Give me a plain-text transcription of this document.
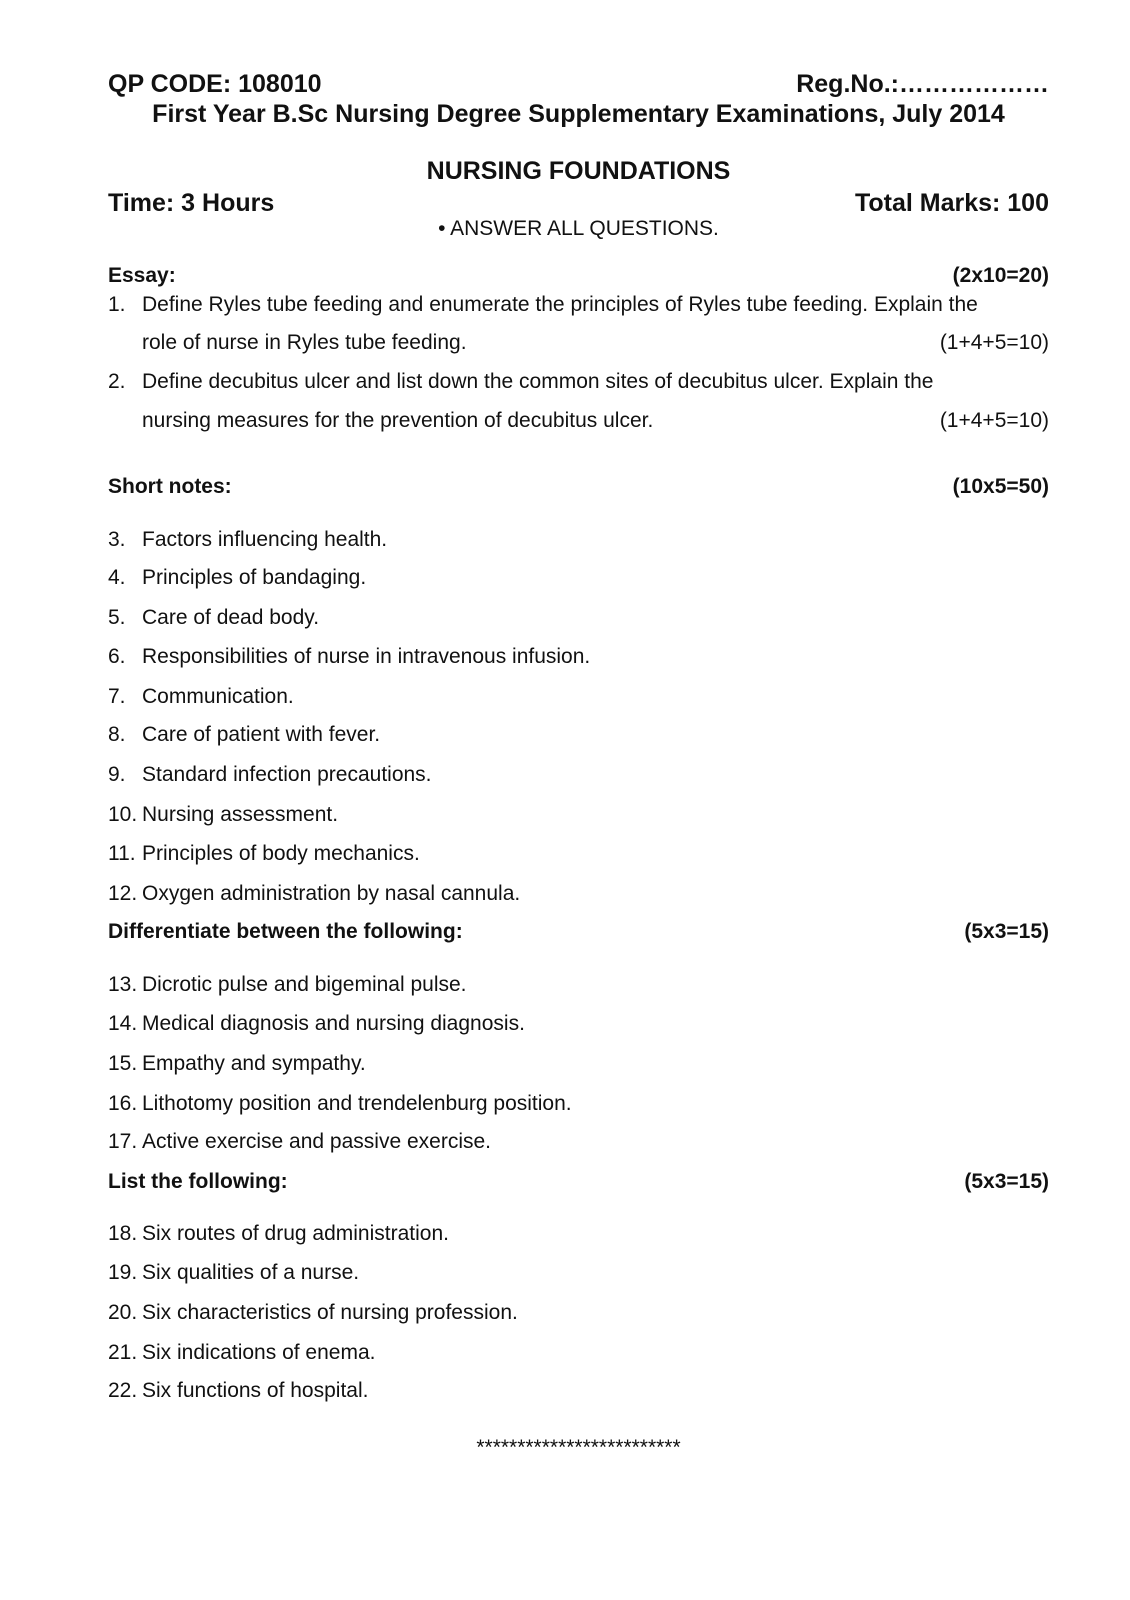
QP CODE: 108010	Reg.No.:………………
First Year B.Sc Nursing Degree Supplementary Examinations, July 2014
NURSING FOUNDATIONS
Time: 3 Hours	Total Marks: 100
• ANSWER ALL QUESTIONS.
Essay:	(2x10=20)
1. Define Ryles tube feeding and enumerate the principles of Ryles tube feeding. Explain the
role of nurse in Ryles tube feeding.	(1+4+5=10)
2. Define decubitus ulcer and list down the common sites of decubitus ulcer. Explain the
nursing measures for the prevention of decubitus ulcer.	(1+4+5=10)
Short notes:	(10x5=50)
3. Factors influencing health.
4. Principles of bandaging.
5. Care of dead body.
6. Responsibilities of nurse in intravenous infusion.
7. Communication.
8. Care of patient with fever.
9. Standard infection precautions.
10. Nursing assessment.
11. Principles of body mechanics.
12. Oxygen administration by nasal cannula.
Differentiate between the following:	(5x3=15)
13. Dicrotic pulse and bigeminal pulse.
14. Medical diagnosis and nursing diagnosis.
15. Empathy and sympathy.
16. Lithotomy position and trendelenburg position.
17. Active exercise and passive exercise.
List the following:	(5x3=15)
18. Six routes of drug administration.
19. Six qualities of a nurse.
20. Six characteristics of nursing profession.
21. Six indications of enema.
22. Six functions of hospital.
*************************
